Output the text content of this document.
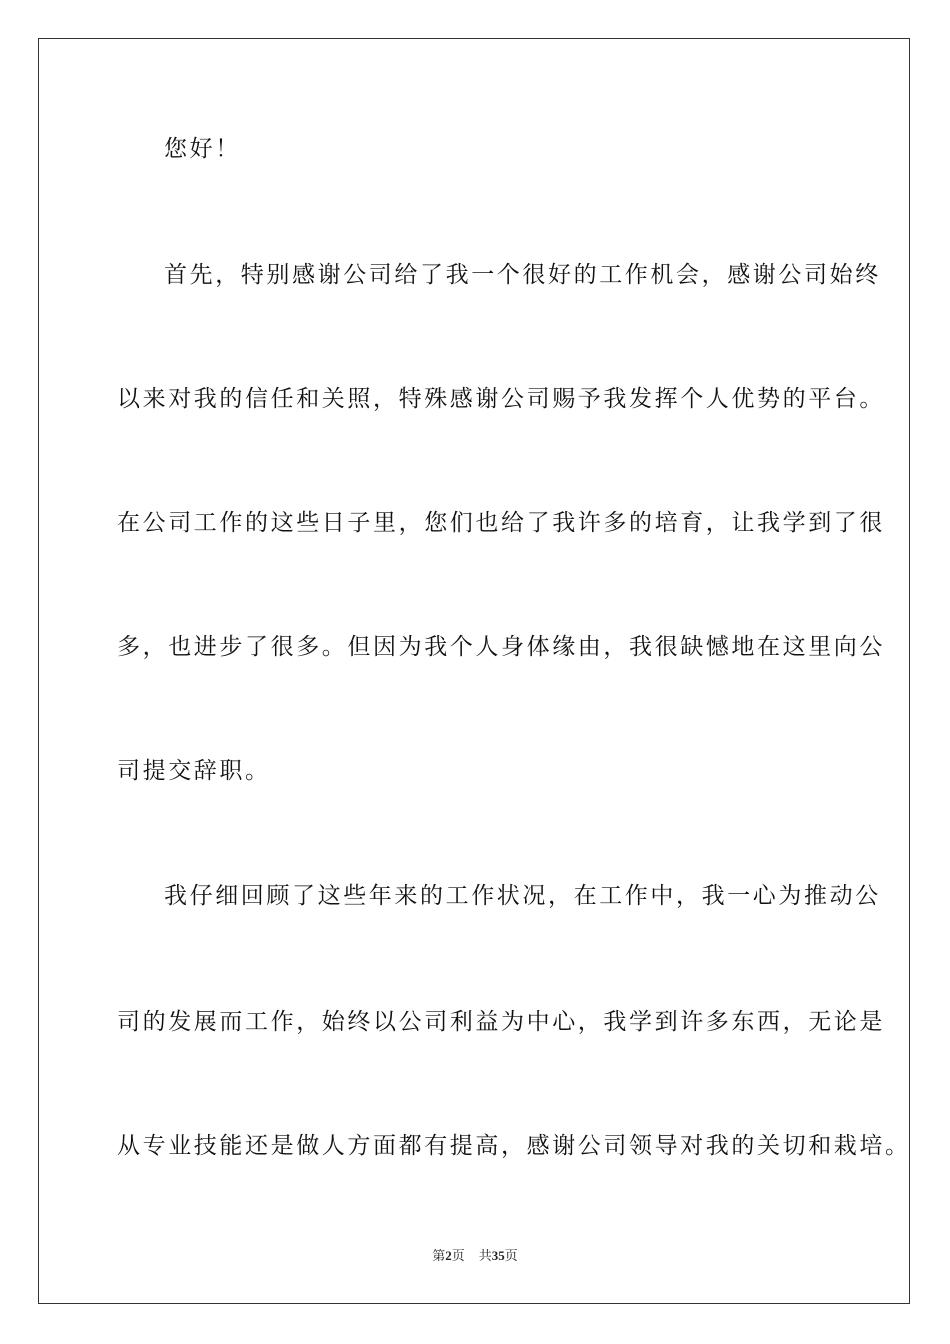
您好！
首先，特别感谢公司给了我一个很好的工作机会，感谢公司始终
以来对我的信任和关照，特殊感谢公司赐予我发挥个人优势的平台。
在公司工作的这些日子里，您们也给了我许多的培育，让我学到了很
多，也进步了很多。但因为我个人身体缘由，我很缺憾地在这里向公
司提交辞职。
我仔细回顾了这些年来的工作状况，在工作中，我一心为推动公
司的发展而工作，始终以公司利益为中心，我学到许多东西，无论是
从专业技能还是做人方面都有提高，感谢公司领导对我的关切和栽培。
第2页 共35页
